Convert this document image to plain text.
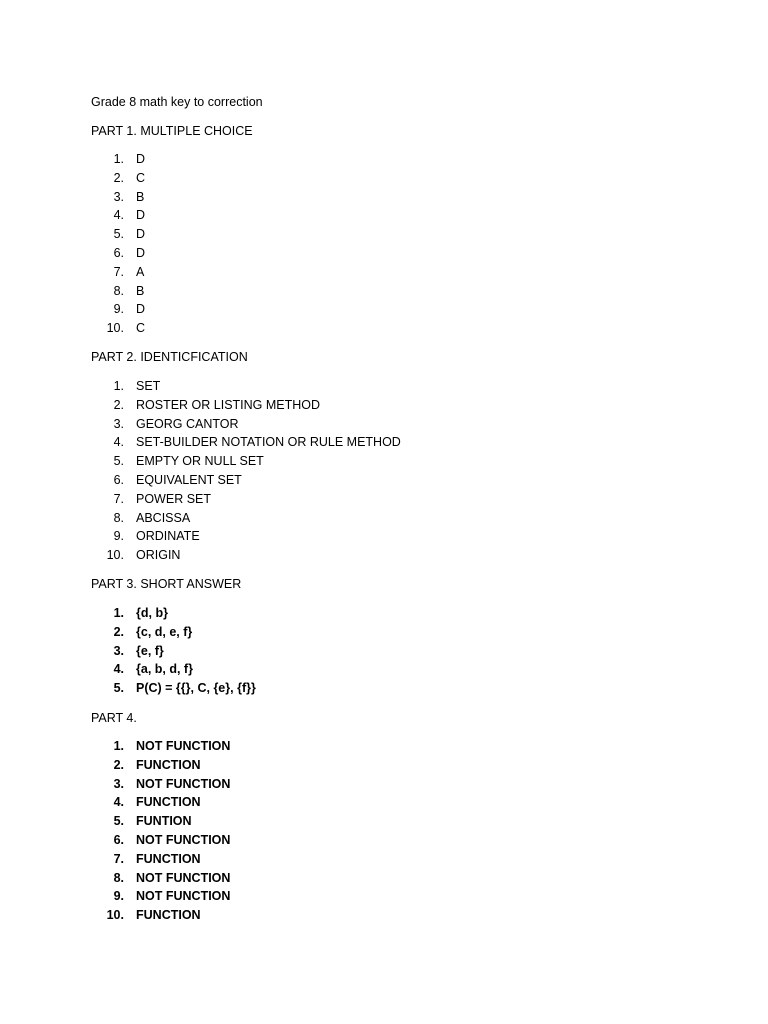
Grade 8 math key to correction
PART 1. MULTIPLE CHOICE
1. D
2. C
3. B
4. D
5. D
6. D
7. A
8. B
9. D
10. C
PART 2. IDENTICFICATION
1. SET
2. ROSTER OR LISTING METHOD
3. GEORG CANTOR
4. SET-BUILDER NOTATION OR RULE METHOD
5. EMPTY OR NULL SET
6. EQUIVALENT SET
7. POWER SET
8. ABCISSA
9. ORDINATE
10. ORIGIN
PART 3. SHORT ANSWER
1. {d, b}
2. {c, d, e, f}
3. {e, f}
4. {a, b, d, f}
5. P(C) = {{}, C, {e}, {f}}
PART 4.
1. NOT FUNCTION
2. FUNCTION
3. NOT FUNCTION
4. FUNCTION
5. FUNTION
6. NOT FUNCTION
7. FUNCTION
8. NOT FUNCTION
9. NOT FUNCTION
10. FUNCTION
